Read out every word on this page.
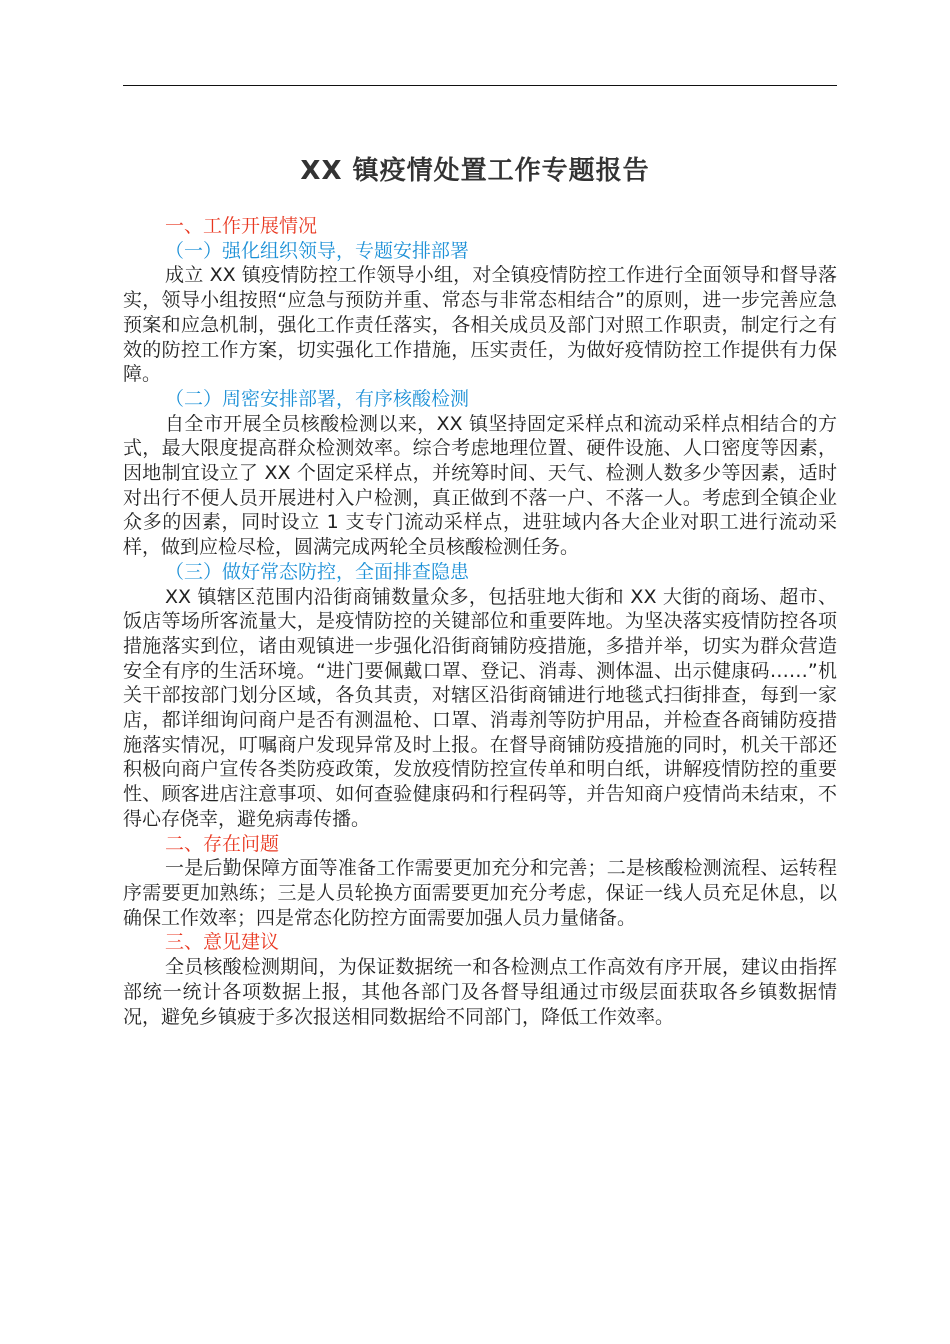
XX 镇疫情处置工作专题报告

一、工作开展情况

（一）强化组织领导，专题安排部署

成立 XX 镇疫情防控工作领导小组，对全镇疫情防控工作进行全面领导和督导落实，领导小组按照“应急与预防并重、常态与非常态相结合”的原则，进一步完善应急预案和应急机制，强化工作责任落实，各相关成员及部门对照工作职责，制定行之有效的防控工作方案，切实强化工作措施，压实责任，为做好疫情防控工作提供有力保障。

（二）周密安排部署，有序核酸检测

自全市开展全员核酸检测以来，XX 镇坚持固定采样点和流动采样点相结合的方式，最大限度提高群众检测效率。综合考虑地理位置、硬件设施、人口密度等因素，因地制宜设立了 XX 个固定采样点，并统筹时间、天气、检测人数多少等因素，适时对出行不便人员开展进村入户检测，真正做到不落一户、不落一人。考虑到全镇企业众多的因素，同时设立 1 支专门流动采样点，进驻域内各大企业对职工进行流动采样，做到应检尽检，圆满完成两轮全员核酸检测任务。

（三）做好常态防控，全面排查隐患

XX 镇辖区范围内沿街商铺数量众多，包括驻地大街和 XX 大街的商场、超市、饭店等场所客流量大，是疫情防控的关键部位和重要阵地。为坚决落实疫情防控各项措施落实到位，诸由观镇进一步强化沿街商铺防疫措施，多措并举，切实为群众营造安全有序的生活环境。“进门要佩戴口罩、登记、消毒、测体温、出示健康码……”机关干部按部门划分区域，各负其责，对辖区沿街商铺进行地毯式扫街排查，每到一家店，都详细询问商户是否有测温枪、口罩、消毒剂等防护用品，并检查各商铺防疫措施落实情况，叮嘱商户发现异常及时上报。在督导商铺防疫措施的同时，机关干部还积极向商户宣传各类防疫政策，发放疫情防控宣传单和明白纸，讲解疫情防控的重要性、顾客进店注意事项、如何查验健康码和行程码等，并告知商户疫情尚未结束，不得心存侥幸，避免病毒传播。

二、存在问题

一是后勤保障方面等准备工作需要更加充分和完善；二是核酸检测流程、运转程序需要更加熟练；三是人员轮换方面需要更加充分考虑，保证一线人员充足休息，以确保工作效率；四是常态化防控方面需要加强人员力量储备。

三、意见建议

全员核酸检测期间，为保证数据统一和各检测点工作高效有序开展，建议由指挥部统一统计各项数据上报，其他各部门及各督导组通过市级层面获取各乡镇数据情况，避免乡镇疲于多次报送相同数据给不同部门，降低工作效率。
